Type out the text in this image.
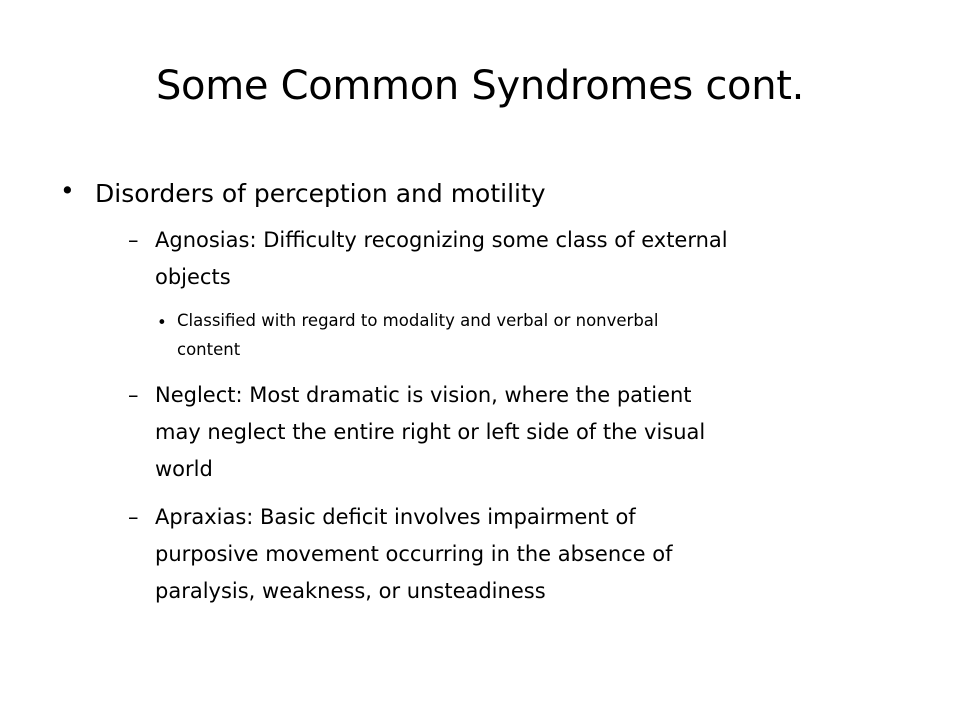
Some Common Syndromes cont.
• Disorders of perception and motility

– Agnosias: Difficulty recognizing some class of external

objects

• Classified with regard to modality and verbal or nonverbal

content

– Neglect: Most dramatic is vision, where the patient

may neglect the entire right or left side of the visual

world

– Apraxias: Basic deficit involves impairment of

purposive movement occurring in the absence of

paralysis, weakness, or unsteadiness
